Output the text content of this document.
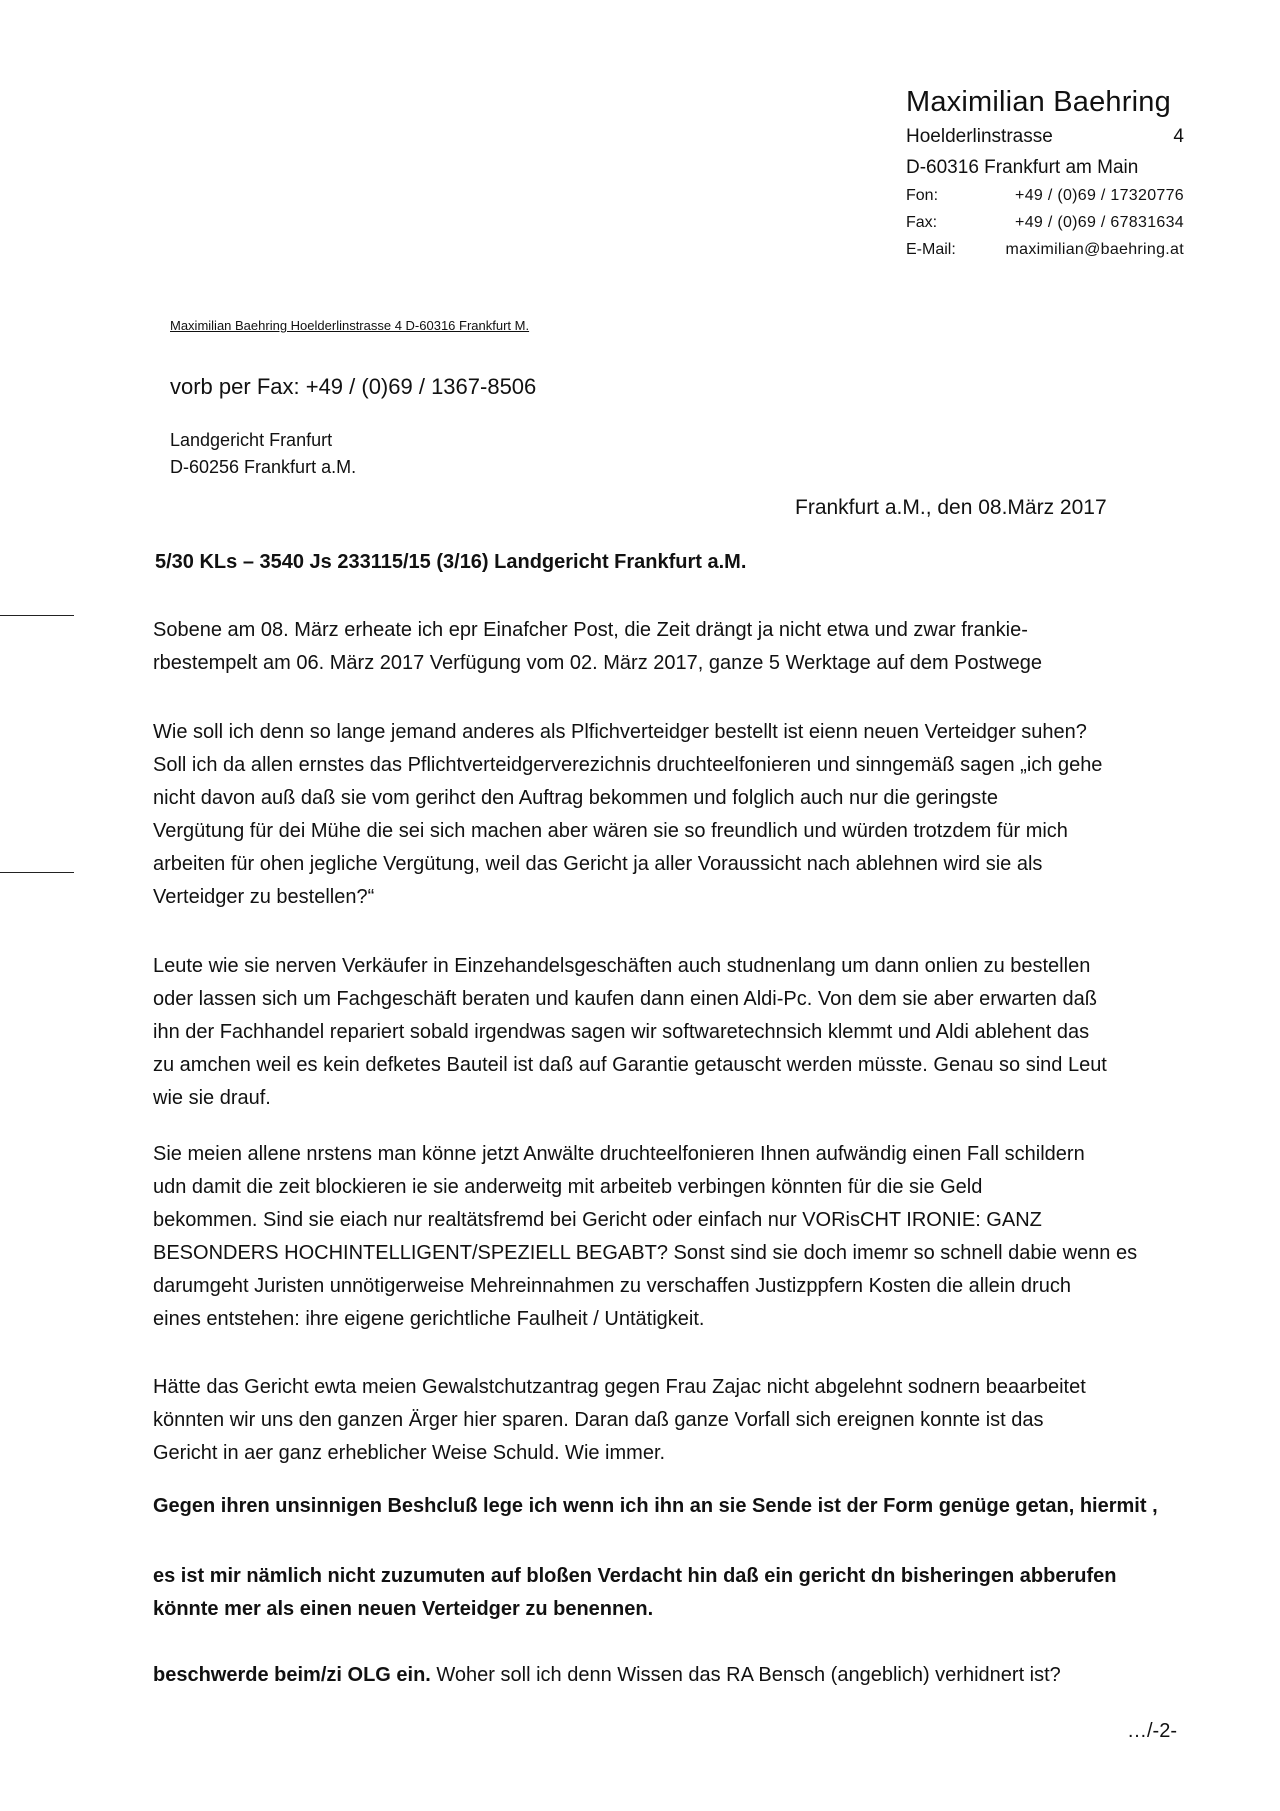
Maximilian Baehring
Hoelderlinstrasse	4
D-60316 Frankfurt am Main
Fon:	+49 / (0)69 / 17320776
Fax:	+49 / (0)69 / 67831634
E-Mail:	maximilian@baehring.at
Maximilian Baehring Hoelderlinstrasse 4 D-60316 Frankfurt M.
vorb per Fax: +49 / (0)69 / 1367-8506
Landgericht Franfurt
D-60256 Frankfurt a.M.
Frankfurt a.M., den 08.März 2017
5/30 KLs – 3540 Js 233115/15 (3/16) Landgericht Frankfurt a.M.
Sobene am 08. März erheate ich epr Einafcher Post, die Zeit drängt ja nicht etwa und zwar frankie-
rbestempelt am 06. März 2017 Verfügung vom 02. März 2017, ganze 5 Werktage auf dem Postwege
Wie soll ich denn so lange jemand anderes als Plfichverteidger bestellt ist eienn neuen Verteidger suhen?
Soll ich da allen ernstes das Pflichtverteidgerverezichnis druchteelfonieren und sinngemäß sagen „ich gehe
nicht davon auß daß sie vom gerihct den Auftrag bekommen und folglich auch nur die geringste
Vergütung für dei Mühe die sei sich machen aber wären sie so freundlich und würden trotzdem für mich
arbeiten für ohen jegliche Vergütung, weil das Gericht ja aller Voraussicht nach ablehnen wird sie als
Verteidger zu bestellen?“
Leute wie sie nerven Verkäufer in Einzehandelsgeschäften auch studnenlang um dann onlien zu bestellen
oder lassen sich um Fachgeschäft beraten und kaufen dann einen Aldi-Pc. Von dem sie aber erwarten daß
ihn der Fachhandel repariert sobald irgendwas sagen wir softwaretechnsich klemmt und Aldi ablehent das
zu amchen weil es kein defketes Bauteil ist daß auf Garantie getauscht werden müsste. Genau so sind Leut
wie sie drauf.
Sie meien allene nrstens man könne jetzt Anwälte druchteelfonieren Ihnen aufwändig einen Fall schildern
udn damit die zeit blockieren ie sie anderweitg mit arbeiteb verbingen könnten für die sie Geld
bekommen. Sind sie eiach nur realtätsfremd bei Gericht oder einfach nur VORisCHT IRONIE: GANZ
BESONDERS HOCHINTELLIGENT/SPEZIELL BEGABT? Sonst sind sie doch imemr so schnell dabie wenn es
darumgeht Juristen unnötigerweise Mehreinnahmen zu verschaffen Justizppfern Kosten die allein druch
eines entstehen: ihre eigene gerichtliche Faulheit / Untätigkeit.
Hätte das Gericht ewta meien Gewalstchutzantrag gegen Frau Zajac nicht abgelehnt sodnern beaarbeitet
könnten wir uns den ganzen Ärger hier sparen. Daran daß ganze Vorfall sich ereignen konnte ist das
Gericht in aer ganz erheblicher Weise Schuld. Wie immer.
Gegen ihren unsinnigen Beshcluß lege ich wenn ich ihn an sie Sende ist der Form genüge getan, hiermit ,
es ist mir nämlich nicht zuzumuten auf bloßen Verdacht hin daß ein gericht dn bisheringen abberufen
könnte mer als einen neuen Verteidger zu benennen.
beschwerde beim/zi OLG ein. Woher soll ich denn Wissen das RA Bensch (angeblich) verhidnert ist?
…/-2-
